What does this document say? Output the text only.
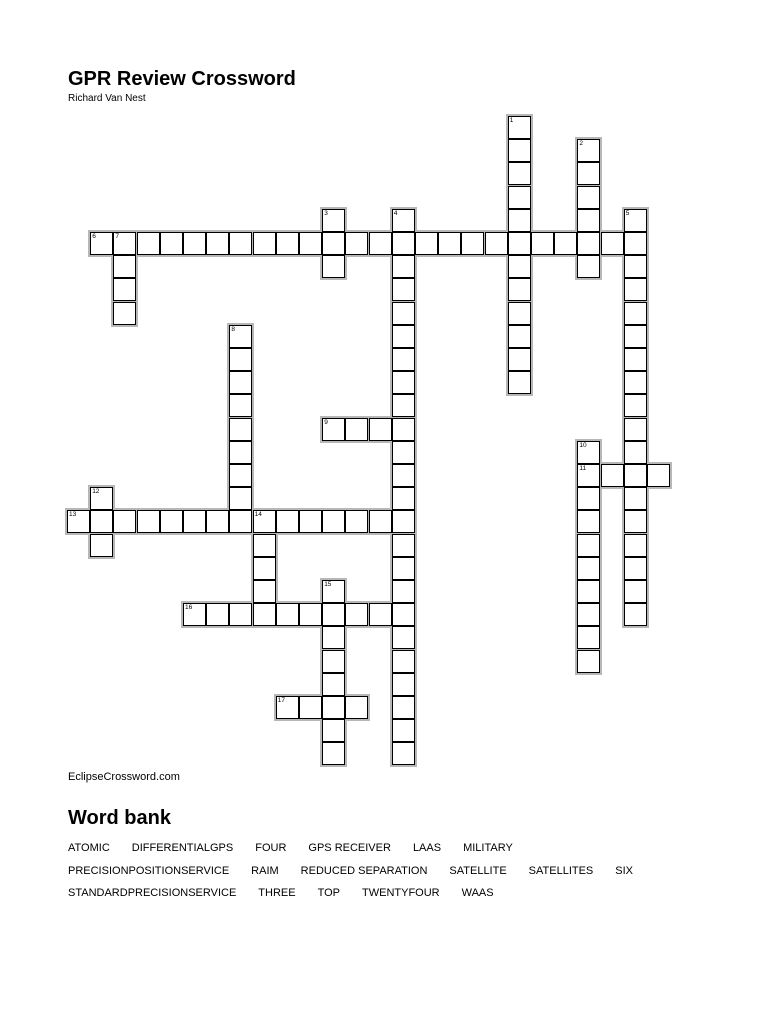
GPR Review Crossword
Richard Van Nest
1
2
3	4	5
6	7
8
9
10
11
12
13	14
15
16
17
EclipseCrossword.com
Word bank
ATOMIC DIFFERENTIALGPS FOUR GPS RECEIVER LAAS MILITARY
PRECISIONPOSITIONSERVICE RAIM REDUCED SEPARATION SATELLITE SATELLITES SIX
STANDARDPRECISIONSERVICE THREE TOP TWENTYFOUR WAAS
